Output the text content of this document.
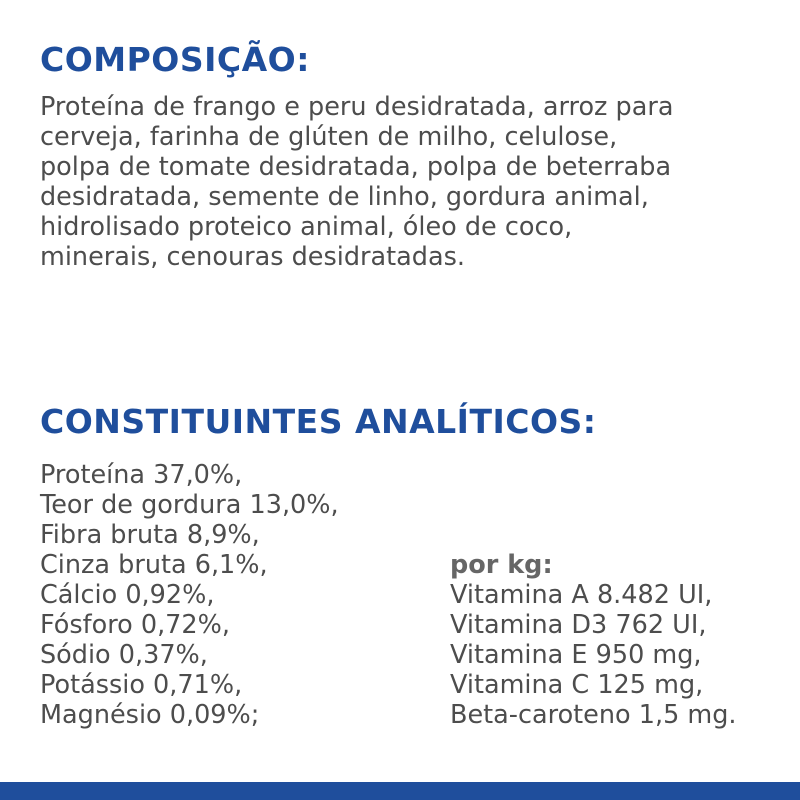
COMPOSIÇÃO:
Proteína de frango e peru desidratada, arroz para
cerveja, farinha de glúten de milho, celulose,
polpa de tomate desidratada, polpa de beterraba
desidratada, semente de linho, gordura animal,
hidrolisado proteico animal, óleo de coco,
minerais, cenouras desidratadas.
CONSTITUINTES ANALÍTICOS:
Proteína 37,0%,
Teor de gordura 13,0%,
Fibra bruta 8,9%,
Cinza bruta 6,1%,
Cálcio 0,92%,
Fósforo 0,72%,
Sódio 0,37%,
Potássio 0,71%,
Magnésio 0,09%;
por kg:
Vitamina A 8.482 UI,
Vitamina D3 762 UI,
Vitamina E 950 mg,
Vitamina C 125 mg,
Beta-caroteno 1,5 mg.
